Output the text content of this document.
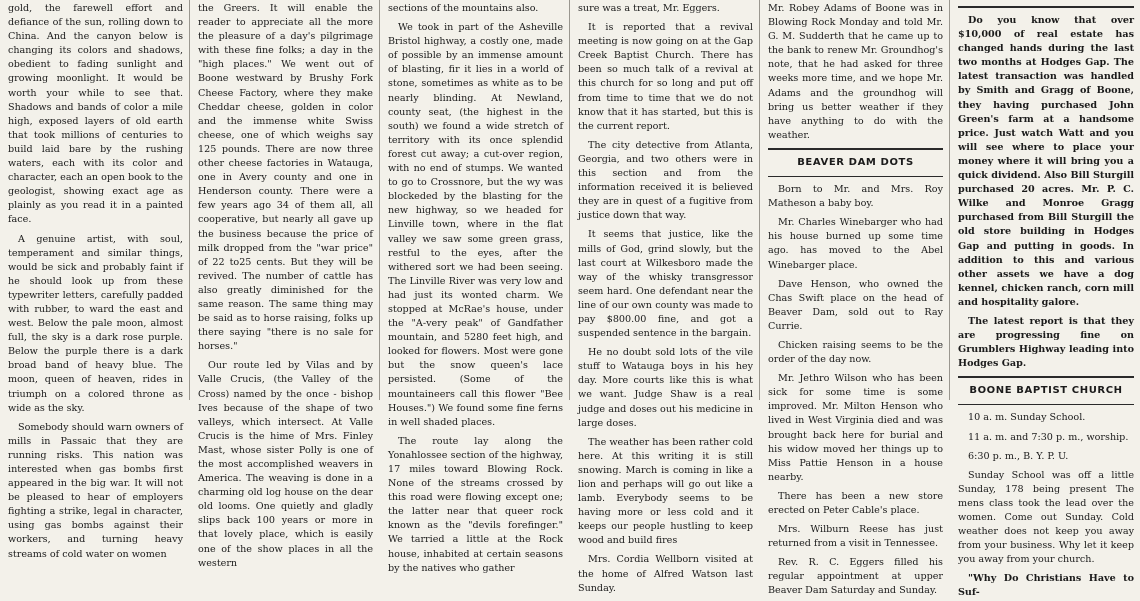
gold, the farewell effort and defiance of the sun, rolling down to China. And the canyon below is changing its colors and shadows, obedient to fading sunlight and growing moonlight. It would be worth your while to see that. Shadows and bands of color a mile high, exposed layers of old earth that took millions of centuries to build laid bare by the rushing waters, each with its color and character, each an open book to the geologist, showing exact age as plainly as you read it in a painted face.

A genuine artist, with soul, temperament and similar things, would be sick and probably faint if he should look up from these typewriter letters, carefully padded with rubber, to ward the east and west. Below the pale moon, almost full, the sky is a dark rose purple. Below the purple there is a dark broad band of heavy blue. The moon, queen of heaven, rides in triumph on a colored throne as wide as the sky.

Somebody should warn owners of mills in Passaic that they are running risks. This nation was interested when gas bombs first appeared in the big war. It will not be pleased to hear of employers fighting a strike, legal in character, using gas bombs against their workers, and turning heavy streams of cold water on women

the Greers. It will enable the reader to appreciate all the more the pleasure of a day's pilgrimage with these fine folks; a day in the "high places." We went out of Boone westward by Brushy Fork Cheese Factory, where they make Cheddar cheese, golden in color and the immense white Swiss cheese, one of which weighs say 125 pounds. There are now three other cheese factories in Watauga, one in Avery county and one in Henderson county. There were a few years ago 34 of them all, all cooperative, but nearly all gave up the business because the price of milk dropped from the "war price" of 22 to25 cents. But they will be revived. The number of cattle has also greatly diminished for the same reason. The same thing may be said as to horse raising, folks up there saying "there is no sale for horses."

Our route led by Vilas and by Valle Crucis, (the Valley of the Cross) named by the once - bishop Ives because of the shape of two valleys, which intersect. At Valle Crucis is the hime of Mrs. Finley Mast, whose sister Polly is one of the most accomplished weavers in America. The weaving is done in a charming old log house on the dear old looms. One quietly and gladly slips back 100 years or more in that lovely place, which is easily one of the show places in all the western

sections of the mountains also.

We took in part of the Asheville Bristol highway, a costly one, made of possible by an immense amount of blasting, fir it lies in a world of stone, sometimes as white as to be nearly blinding. At Newland, county seat, (the highest in the south) we found a wide stretch of territory with its once splendid forest cut away; a cut-over region, with no end of stumps. We wanted to go to Crossnore, but the wy was blockeded by the blasting for the new highway, so we headed for Linville town, where in the flat valley we saw some green grass, restful to the eyes, after the withered sort we had been seeing. The Linville River was very low and had just its wonted charm. We stopped at McRae's house, under the "A-very peak" of Gandfather mountain, and 5280 feet high, and looked for flowers. Most were gone but the snow queen's lace persisted. (Some of the mountaineers call this flower "Bee Houses.") We found some fine ferns in well shaded places.

The route lay along the Yonahlossee section of the highway, 17 miles toward Blowing Rock. None of the streams crossed by this road were flowing except one; the latter near that queer rock known as the "devils forefinger." We tarried a little at the Rock house, inhabited at certain seasons by the natives who gather

sure was a treat, Mr. Eggers.

It is reported that a revival meeting is now going on at the Gap Creek Baptist Church. There has been so much talk of a revival at this church for so long and put off from time to time that we do not know that it has started, but this is the current report.

The city detective from Atlanta, Georgia, and two others were in this section and from the information received it is believed they are in quest of a fugitive from justice down that way.

It seems that justice, like the mills of God, grind slowly, but the last court at Wilkesboro made the way of the whisky transgressor seem hard. One defendant near the line of our own county was made to pay $800.00 fine, and got a suspended sentence in the bargain.

He no doubt sold lots of the vile stuff to Watauga boys in his hey day. More courts like this is what we want. Judge Shaw is a real judge and doses out his medicine in large doses.

The weather has been rather cold here. At this writing it is still snowing. March is coming in like a lion and perhaps will go out like a lamb. Everybody seems to be having more or less cold and it keeps our people hustling to keep wood and build fires

Mrs. Cordia Wellborn visited at the home of Alfred Watson last Sunday.

Mr. Robey Adams of Boone was in Blowing Rock Monday and told Mr. G. M. Sudderth that he came up to the bank to renew Mr. Groundhog's note, that he had asked for three weeks more time, and we hope Mr. Adams and the groundhog will bring us better weather if they have anything to do with the weather.

BEAVER DAM DOTS

Born to Mr. and Mrs. Roy Matheson a baby boy.

Mr. Charles Winebarger who had his house burned up some time ago. has moved to the Abel Winebarger place.

Dave Henson, who owned the Chas Swift place on the head of Beaver Dam, sold out to Ray Currie.

Chicken raising seems to be the order of the day now.

Mr. Jethro Wilson who has been sick for some time is some improved. Mr. Milton Henson who lived in West Virginia died and was brought back here for burial and his widow moved her things up to Miss Pattie Henson in a house nearby.

There has been a new store erected on Peter Cable's place.

Mrs. Wilburn Reese has just returned from a visit in Tennessee.

Rev. R. C. Eggers filled his regular appointment at upper Beaver Dam Saturday and Sunday.

Do you know that over $10,000 of real estate has changed hands during the last two months at Hodges Gap. The latest transaction was handled by Smith and Gragg of Boone, they having purchased John Green's farm at a handsome price. Just watch Watt and you will see where to place your money where it will bring you a quick dividend. Also Bill Sturgill purchased 20 acres. Mr. P. C. Wilke and Monroe Gragg purchased from Bill Sturgill the old store building in Hodges Gap and putting in goods. In addition to this and various other assets we have a dog kennel, chicken ranch, corn mill and hospitality galore.

The latest report is that they are progressing fine on Grumblers Highway leading into Hodges Gap.

BOONE BAPTIST CHURCH

10 a. m. Sunday School.

11 a. m. and 7:30 p. m., worship.

6:30 p. m., B. Y. P. U.

Sunday School was off a little Sunday, 178 being present The mens class took the lead over the women. Come out Sunday. Cold weather does not keep you away from your business. Why let it keep you away from your church.

"Why Do Christians Have to Suf-
